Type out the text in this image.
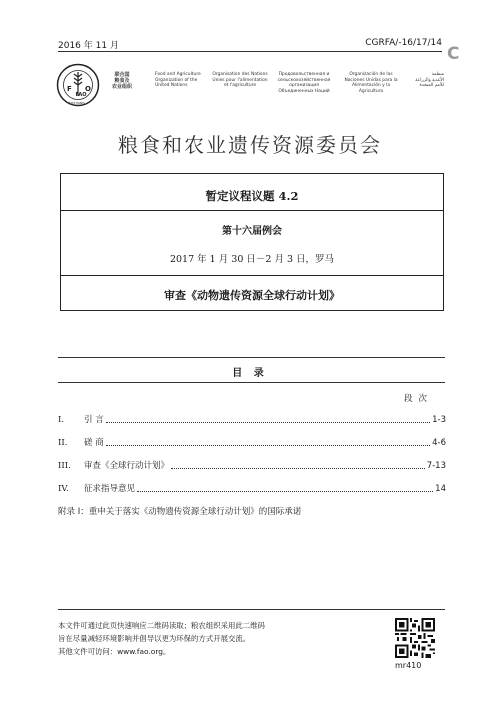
2016 年 11 月	CGRFA/-16/17/14
C
F
FAO
O
FIAT PANIS
联合国
粮食及
农业组织
Food and Agriculture
Organization of the
United Nations
Organisation des Nations
Unies pour l'alimentation
et l'agriculture
Продовольственная и
сельскохозяйственная организация
Объединенных Наций
Organización de las
Naciones Unidas para la
Alimentación y la Agricultura
منظمة
الأغذية والزراعة
للأمم المتحدة
粮食和农业遗传资源委员会
暂定议程议题 4.2
第十六届例会
2017 年 1 月 30 日－2 月 3 日，罗马
审查《动物遗传资源全球行动计划》
目 录
段次
I.	引 言	1-3
II.	磋 商	4-6
III.	审查《全球行动计划》	7-13
IV.	征求指导意见	14
附录 I：重申关于落实《动物遗传资源全球行动计划》的国际承诺
本文件可通过此页快速响应二维码读取；粮农组织采用此二维码
旨在尽量减轻环境影响并倡导以更为环保的方式开展交流。
其他文件可访问：www.fao.org。
mr410
